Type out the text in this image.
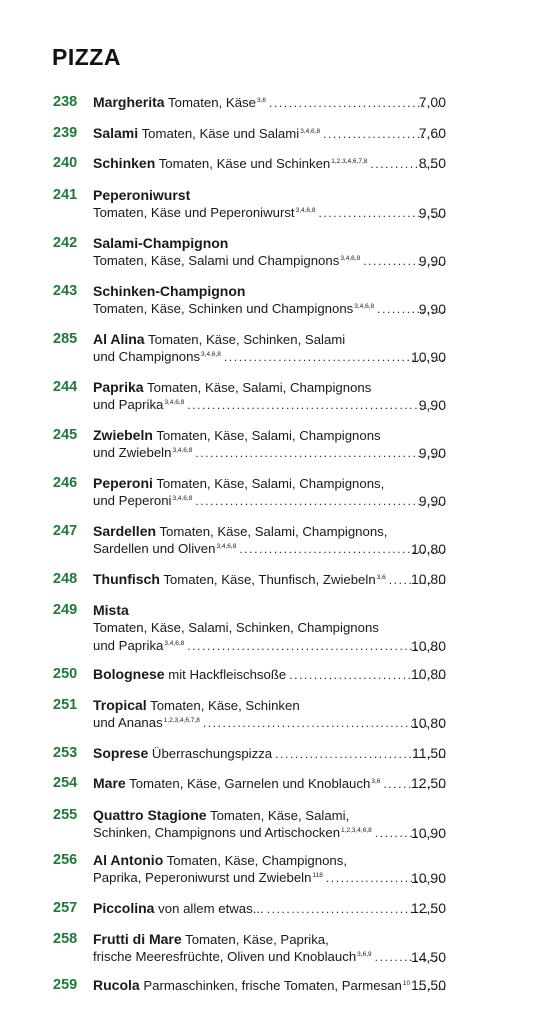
PIZZA
238 Margherita Tomaten, Käse$^{3,6}$ .....	7,00
239 Salami Tomaten, Käse und Salami$^{3,4,6,8}$ .....	7,60
240 Schinken Tomaten, Käse und Schinken$^{1,2,3,4,6,7,8}$ .....	8,50
241 Peperoniwurst
Tomaten, Käse und Peperoniwurst$^{3,4,6,8}$ .....	9,50
242 Salami-Champignon
Tomaten, Käse, Salami und Champignons$^{3,4,6,8}$ .....	9,90
243 Schinken-Champignon
Tomaten, Käse, Schinken und Champignons$^{3,4,6,8}$ .....	9,90
285 Al Alina Tomaten, Käse, Schinken, Salami
und Champignons$^{3,4,6,8}$ .....	10,90
244 Paprika Tomaten, Käse, Salami, Champignons
und Paprika$^{3,4,6,8}$ .....	9,90
245 Zwiebeln Tomaten, Käse, Salami, Champignons
und Zwiebeln$^{3,4,6,8}$ .....	9,90
246 Peperoni Tomaten, Käse, Salami, Champignons,
und Peperoni$^{3,4,6,8}$ .....	9,90
247 Sardellen Tomaten, Käse, Salami, Champignons,
Sardellen und Oliven$^{3,4,6,8}$ .....	10,80
248 Thunfisch Tomaten, Käse, Thunfisch, Zwiebeln$^{3,6}$ .....	10,80
249 Mista
Tomaten, Käse, Salami, Schinken, Champignons
und Paprika$^{3,4,6,8}$ .....	10,80
250 Bolognese mit Hackfleischsoße .....	10,80
251 Tropical Tomaten, Käse, Schinken
und Ananas$^{1,2,3,4,6,7,8}$ .....	10,80
253 Soprese Überraschungspizza .....	11,50
254 Mare Tomaten, Käse, Garnelen und Knoblauch$^{3,6}$ .....	12,50
255 Quattro Stagione Tomaten, Käse, Salami,
Schinken, Champignons und Artischocken$^{1,2,3,4,6,8}$ .....	10,90
256 Al Antonio Tomaten, Käse, Champignons,
Paprika, Peperoniwurst und Zwiebeln$^{118}$ .....	10,90
257 Piccolina von allem etwas... .....	12,50
258 Frutti di Mare Tomaten, Käse, Paprika,
frische Meeresfrüchte, Oliven und Knoblauch$^{3,6,9}$ .....	14,50
259 Rucola Parmaschinken, frische Tomaten, Parmesan$^{10}$ ..... 15,50
